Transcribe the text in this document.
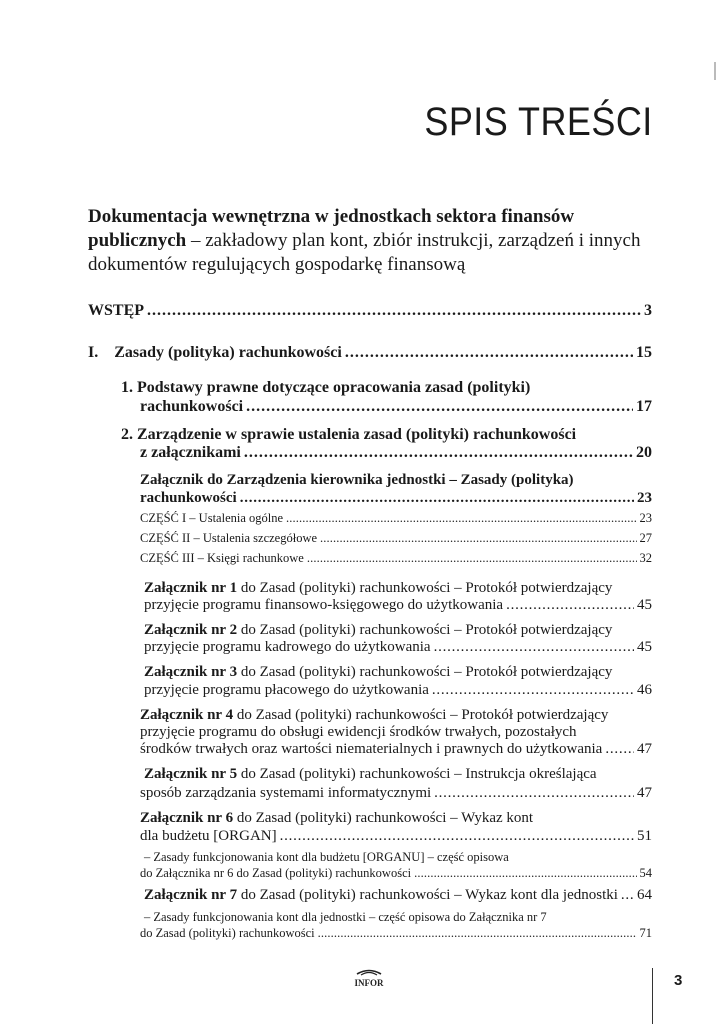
SPIS TREŚCI
Dokumentacja wewnętrzna w jednostkach sektora finansów publicznych – zakładowy plan kont, zbiór instrukcji, zarządzeń i innych dokumentów regulujących gospodarkę finansową
WSTĘP . . .	3
I. Zasady (polityka) rachunkowości . . .	15
1. Podstawy prawne dotyczące opracowania zasad (polityki)
rachunkowości . . .	17
2. Zarządzenie w sprawie ustalenia zasad (polityki) rachunkowości
z załącznikami . . .	20
Załącznik do Zarządzenia kierownika jednostki – Zasady (polityka)
rachunkowości . . .	23
CZĘŚĆ I – Ustalenia ogólne . . .	23
CZĘŚĆ II – Ustalenia szczegółowe . . .	27
CZĘŚĆ III – Księgi rachunkowe . . .	32
Załącznik nr 1 do Zasad (polityki) rachunkowości – Protokół potwierdzający
przyjęcie programu finansowo-księgowego do użytkowania . . .	45
Załącznik nr 2 do Zasad (polityki) rachunkowości – Protokół potwierdzający
przyjęcie programu kadrowego do użytkowania . . .	45
Załącznik nr 3 do Zasad (polityki) rachunkowości – Protokół potwierdzający
przyjęcie programu płacowego do użytkowania . . .	46
Załącznik nr 4 do Zasad (polityki) rachunkowości – Protokół potwierdzający
przyjęcie programu do obsługi ewidencji środków trwałych, pozostałych
środków trwałych oraz wartości niematerialnych i prawnych do użytkowania . . . 47
Załącznik nr 5 do Zasad (polityki) rachunkowości – Instrukcja określająca
sposób zarządzania systemami informatycznymi . . .	47
Załącznik nr 6 do Zasad (polityki) rachunkowości – Wykaz kont
dla budżetu [ORGAN] . . .	51
– Zasady funkcjonowania kont dla budżetu [ORGANU] – część opisowa
do Załącznika nr 6 do Zasad (polityki) rachunkowości . . .	54
Załącznik nr 7 do Zasad (polityki) rachunkowości – Wykaz kont dla jednostki . . . 64
– Zasady funkcjonowania kont dla jednostki – część opisowa do Załącznika nr 7
do Zasad (polityki) rachunkowości . . .	71
INFOR	3
